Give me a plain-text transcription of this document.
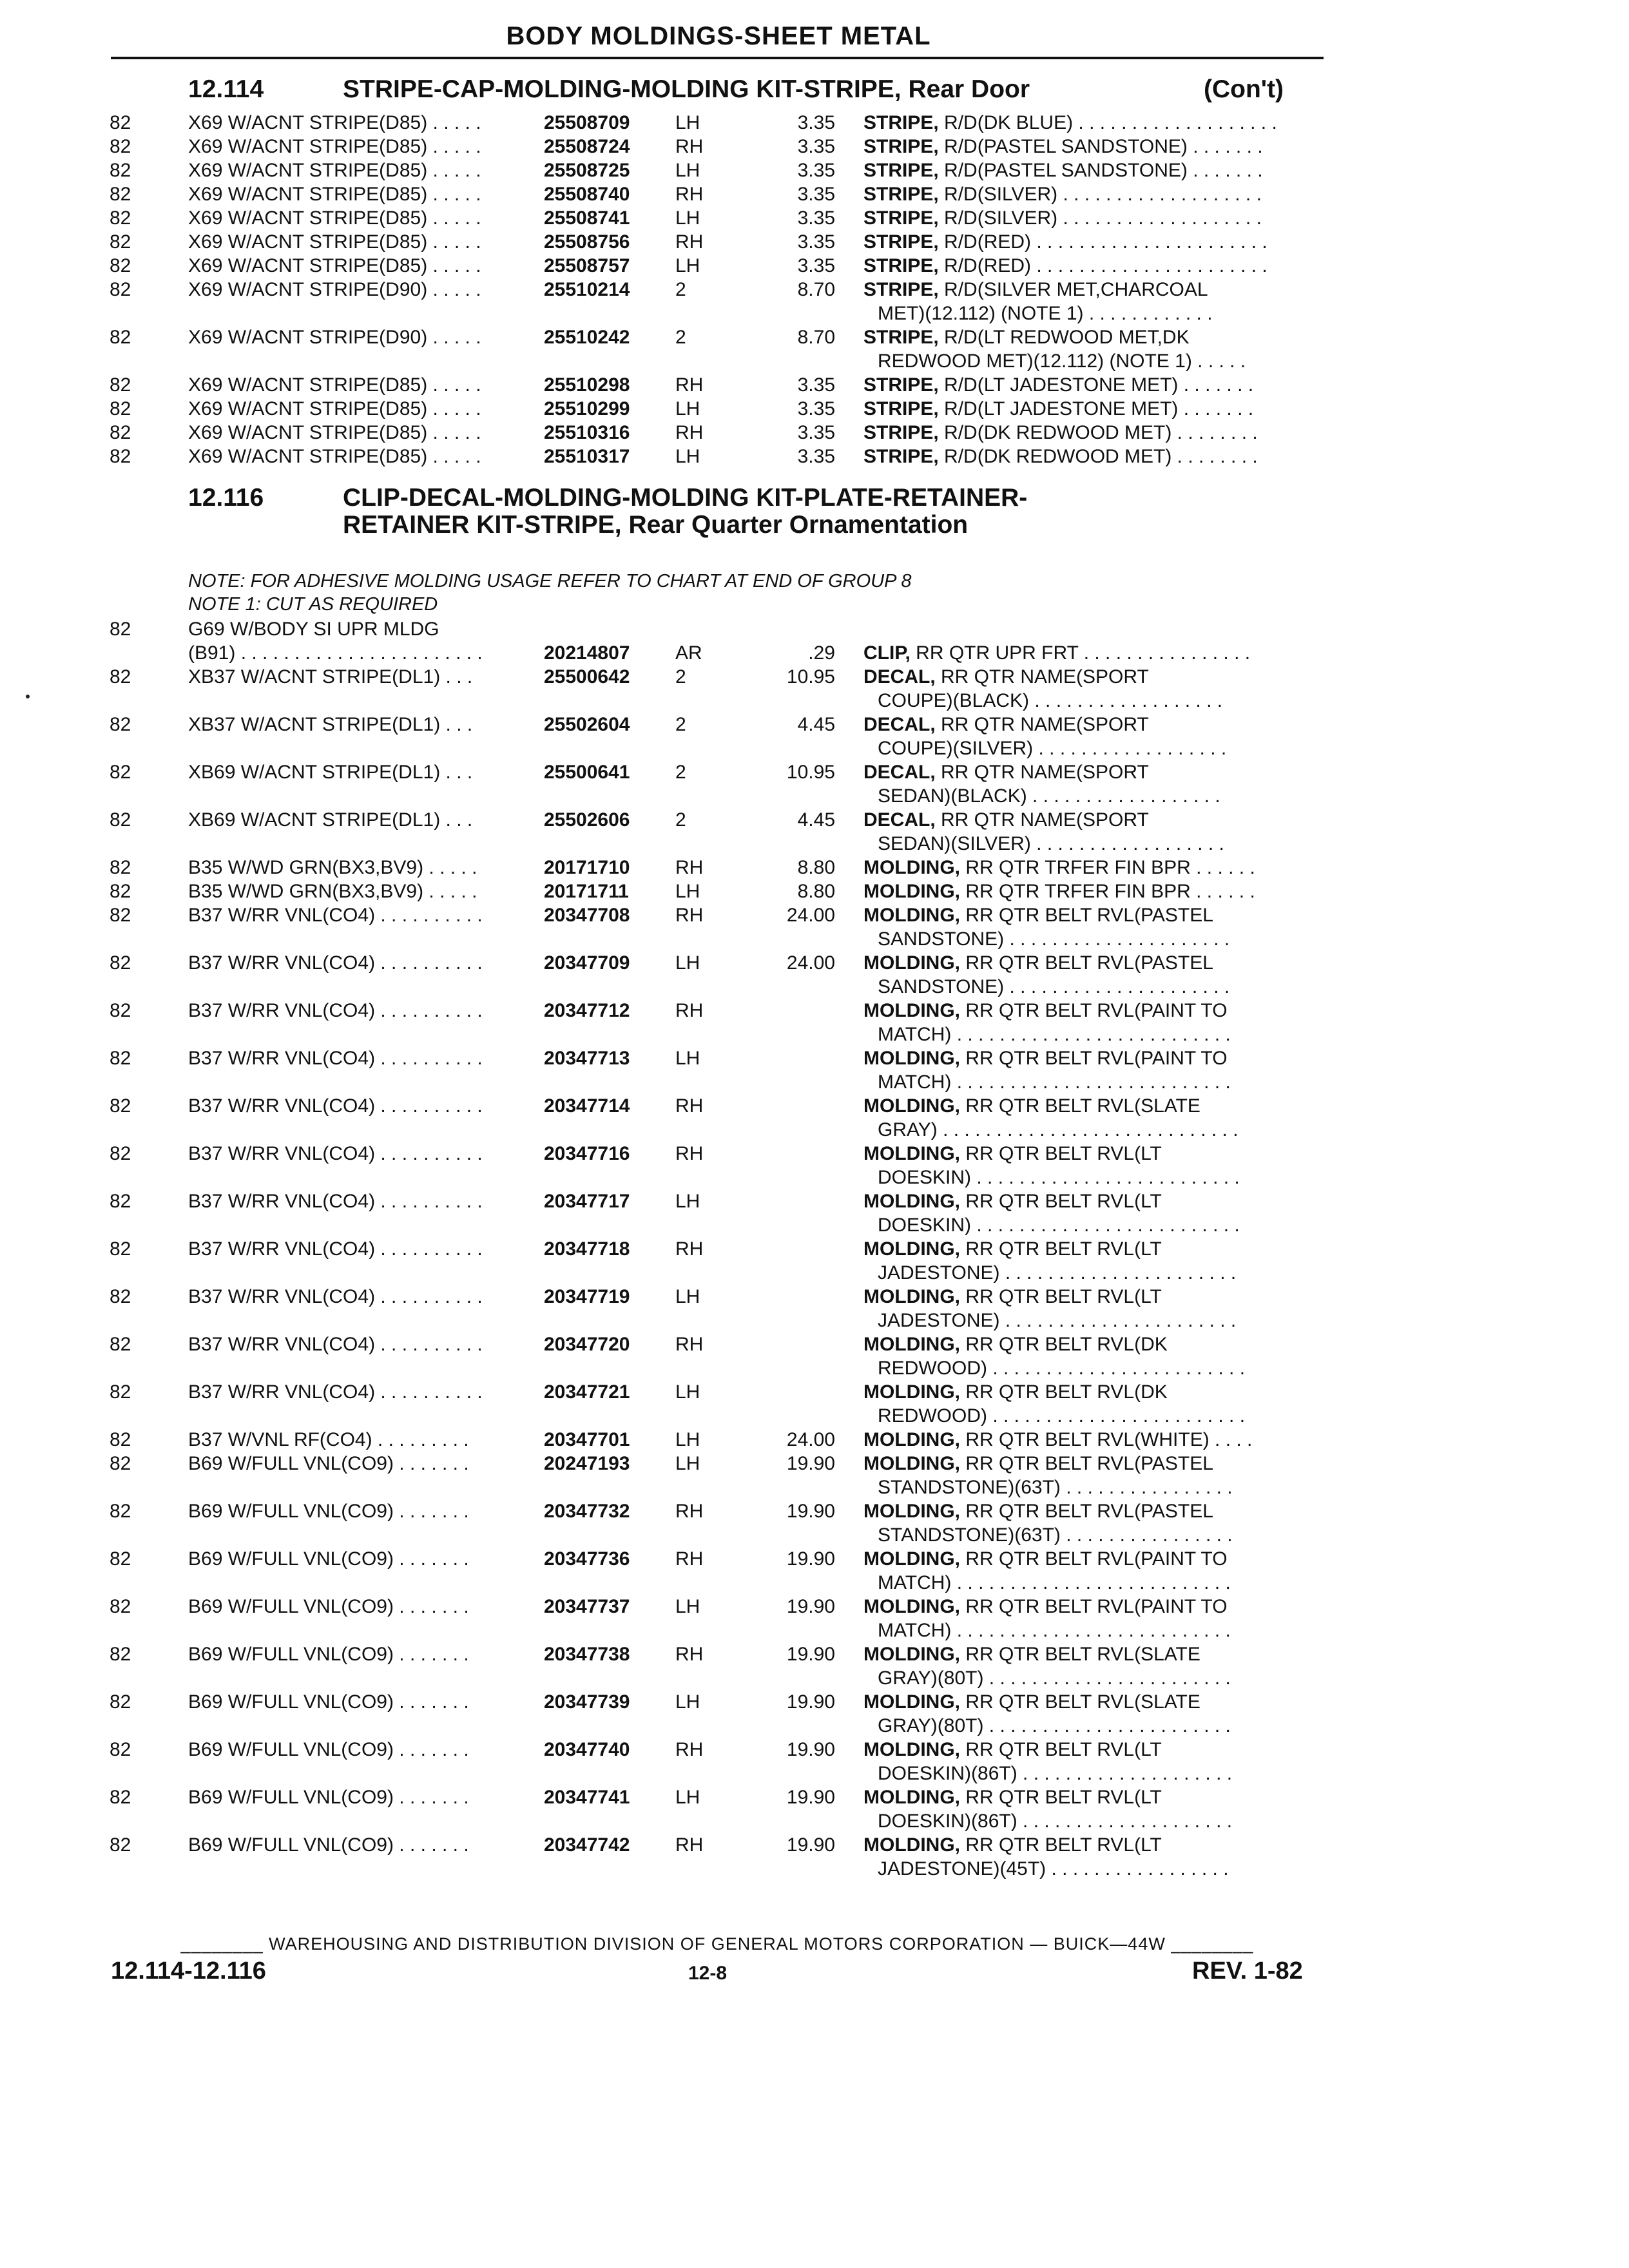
BODY MOLDINGS-SHEET METAL
12.114	STRIPE-CAP-MOLDING-MOLDING KIT-STRIPE, Rear Door	(Con't)
82	X69 W/ACNT STRIPE(D85) . . . . .	25508709 LH	3.35 STRIPE, R/D(DK BLUE) . . . . . . . . . . . . . . . . . . .
82	X69 W/ACNT STRIPE(D85) . . . . .	25508724 RH	3.35 STRIPE, R/D(PASTEL SANDSTONE) . . . . . . .
82	X69 W/ACNT STRIPE(D85) . . . . .	25508725 LH	3.35 STRIPE, R/D(PASTEL SANDSTONE) . . . . . . .
82	X69 W/ACNT STRIPE(D85) . . . . .	25508740 RH	3.35 STRIPE, R/D(SILVER) . . . . . . . . . . . . . . . . . . .
82	X69 W/ACNT STRIPE(D85) . . . . .	25508741 LH	3.35 STRIPE, R/D(SILVER) . . . . . . . . . . . . . . . . . . .
82	X69 W/ACNT STRIPE(D85) . . . . .	25508756 RH	3.35 STRIPE, R/D(RED) . . . . . . . . . . . . . . . . . . . . . .
82	X69 W/ACNT STRIPE(D85) . . . . .	25508757 LH	3.35 STRIPE, R/D(RED) . . . . . . . . . . . . . . . . . . . . . .
82	X69 W/ACNT STRIPE(D90) . . . . .	25510214 2	8.70 STRIPE, R/D(SILVER MET,CHARCOAL
MET)(12.112) (NOTE 1) . . . . . . . . . . . .
82	X69 W/ACNT STRIPE(D90) . . . . .	25510242 2	8.70 STRIPE, R/D(LT REDWOOD MET,DK
REDWOOD MET)(12.112) (NOTE 1) . . . . .
82	X69 W/ACNT STRIPE(D85) . . . . .	25510298 RH	3.35 STRIPE, R/D(LT JADESTONE MET) . . . . . . .
82	X69 W/ACNT STRIPE(D85) . . . . .	25510299 LH	3.35 STRIPE, R/D(LT JADESTONE MET) . . . . . . .
82	X69 W/ACNT STRIPE(D85) . . . . .	25510316 RH	3.35 STRIPE, R/D(DK REDWOOD MET) . . . . . . . .
82	X69 W/ACNT STRIPE(D85) . . . . .	25510317 LH	3.35 STRIPE, R/D(DK REDWOOD MET) . . . . . . . .
12.116	CLIP-DECAL-MOLDING-MOLDING KIT-PLATE-RETAINER-
RETAINER KIT-STRIPE, Rear Quarter Ornamentation
NOTE: FOR ADHESIVE MOLDING USAGE REFER TO CHART AT END OF GROUP 8
NOTE 1: CUT AS REQUIRED
82	G69 W/BODY SI UPR MLDG
(B91) . . . . . . . . . . . . . . . . . . . . . . .	20214807 AR	.29 CLIP, RR QTR UPR FRT . . . . . . . . . . . . . . . .
82	XB37 W/ACNT STRIPE(DL1) . . .	25500642 2	10.95 DECAL, RR QTR NAME(SPORT
COUPE)(BLACK) . . . . . . . . . . . . . . . . . .
82	XB37 W/ACNT STRIPE(DL1) . . .	25502604 2	4.45 DECAL, RR QTR NAME(SPORT
COUPE)(SILVER) . . . . . . . . . . . . . . . . . .
82	XB69 W/ACNT STRIPE(DL1) . . .	25500641 2	10.95 DECAL, RR QTR NAME(SPORT
SEDAN)(BLACK) . . . . . . . . . . . . . . . . . .
82	XB69 W/ACNT STRIPE(DL1) . . .	25502606 2	4.45 DECAL, RR QTR NAME(SPORT
SEDAN)(SILVER) . . . . . . . . . . . . . . . . . .
82	B35 W/WD GRN(BX3,BV9) . . . . .	20171710 RH	8.80 MOLDING, RR QTR TRFER FIN BPR . . . . . .
82	B35 W/WD GRN(BX3,BV9) . . . . .	20171711 LH	8.80 MOLDING, RR QTR TRFER FIN BPR . . . . . .
82	B37 W/RR VNL(CO4) . . . . . . . . . .	20347708 RH	24.00 MOLDING, RR QTR BELT RVL(PASTEL
SANDSTONE) . . . . . . . . . . . . . . . . . . . . .
82	B37 W/RR VNL(CO4) . . . . . . . . . .	20347709 LH	24.00 MOLDING, RR QTR BELT RVL(PASTEL
SANDSTONE) . . . . . . . . . . . . . . . . . . . . .
82	B37 W/RR VNL(CO4) . . . . . . . . . .	20347712 RH	MOLDING, RR QTR BELT RVL(PAINT TO
MATCH) . . . . . . . . . . . . . . . . . . . . . . . . . .
82	B37 W/RR VNL(CO4) . . . . . . . . . .	20347713 LH	MOLDING, RR QTR BELT RVL(PAINT TO
MATCH) . . . . . . . . . . . . . . . . . . . . . . . . . .
82	B37 W/RR VNL(CO4) . . . . . . . . . .	20347714 RH	MOLDING, RR QTR BELT RVL(SLATE
GRAY) . . . . . . . . . . . . . . . . . . . . . . . . . . . .
82	B37 W/RR VNL(CO4) . . . . . . . . . .	20347716 RH	MOLDING, RR QTR BELT RVL(LT
DOESKIN) . . . . . . . . . . . . . . . . . . . . . . . . .
82	B37 W/RR VNL(CO4) . . . . . . . . . .	20347717 LH	MOLDING, RR QTR BELT RVL(LT
DOESKIN) . . . . . . . . . . . . . . . . . . . . . . . . .
82	B37 W/RR VNL(CO4) . . . . . . . . . .	20347718 RH	MOLDING, RR QTR BELT RVL(LT
JADESTONE) . . . . . . . . . . . . . . . . . . . . . .
82	B37 W/RR VNL(CO4) . . . . . . . . . .	20347719 LH	MOLDING, RR QTR BELT RVL(LT
JADESTONE) . . . . . . . . . . . . . . . . . . . . . .
82	B37 W/RR VNL(CO4) . . . . . . . . . .	20347720 RH	MOLDING, RR QTR BELT RVL(DK
REDWOOD) . . . . . . . . . . . . . . . . . . . . . . . .
82	B37 W/RR VNL(CO4) . . . . . . . . . .	20347721 LH	MOLDING, RR QTR BELT RVL(DK
REDWOOD) . . . . . . . . . . . . . . . . . . . . . . . .
82	B37 W/VNL RF(CO4) . . . . . . . . .	20347701 LH	24.00 MOLDING, RR QTR BELT RVL(WHITE) . . . .
82	B69 W/FULL VNL(CO9) . . . . . . .	20247193 LH	19.90 MOLDING, RR QTR BELT RVL(PASTEL
STANDSTONE)(63T) . . . . . . . . . . . . . . . .
82	B69 W/FULL VNL(CO9) . . . . . . .	20347732 RH	19.90 MOLDING, RR QTR BELT RVL(PASTEL
STANDSTONE)(63T) . . . . . . . . . . . . . . . .
82	B69 W/FULL VNL(CO9) . . . . . . .	20347736 RH	19.90 MOLDING, RR QTR BELT RVL(PAINT TO
MATCH) . . . . . . . . . . . . . . . . . . . . . . . . . .
82	B69 W/FULL VNL(CO9) . . . . . . .	20347737 LH	19.90 MOLDING, RR QTR BELT RVL(PAINT TO
MATCH) . . . . . . . . . . . . . . . . . . . . . . . . . .
82	B69 W/FULL VNL(CO9) . . . . . . .	20347738 RH	19.90 MOLDING, RR QTR BELT RVL(SLATE
GRAY)(80T) . . . . . . . . . . . . . . . . . . . . . . .
82	B69 W/FULL VNL(CO9) . . . . . . .	20347739 LH	19.90 MOLDING, RR QTR BELT RVL(SLATE
GRAY)(80T) . . . . . . . . . . . . . . . . . . . . . . .
82	B69 W/FULL VNL(CO9) . . . . . . .	20347740 RH	19.90 MOLDING, RR QTR BELT RVL(LT
DOESKIN)(86T) . . . . . . . . . . . . . . . . . . . .
82	B69 W/FULL VNL(CO9) . . . . . . .	20347741 LH	19.90 MOLDING, RR QTR BELT RVL(LT
DOESKIN)(86T) . . . . . . . . . . . . . . . . . . . .
82	B69 W/FULL VNL(CO9) . . . . . . .	20347742 RH	19.90 MOLDING, RR QTR BELT RVL(LT
JADESTONE)(45T) . . . . . . . . . . . . . . . . .
________ WAREHOUSING AND DISTRIBUTION DIVISION OF GENERAL MOTORS CORPORATION — BUICK—44W ________
12.114-12.116	12-8	REV. 1-82
